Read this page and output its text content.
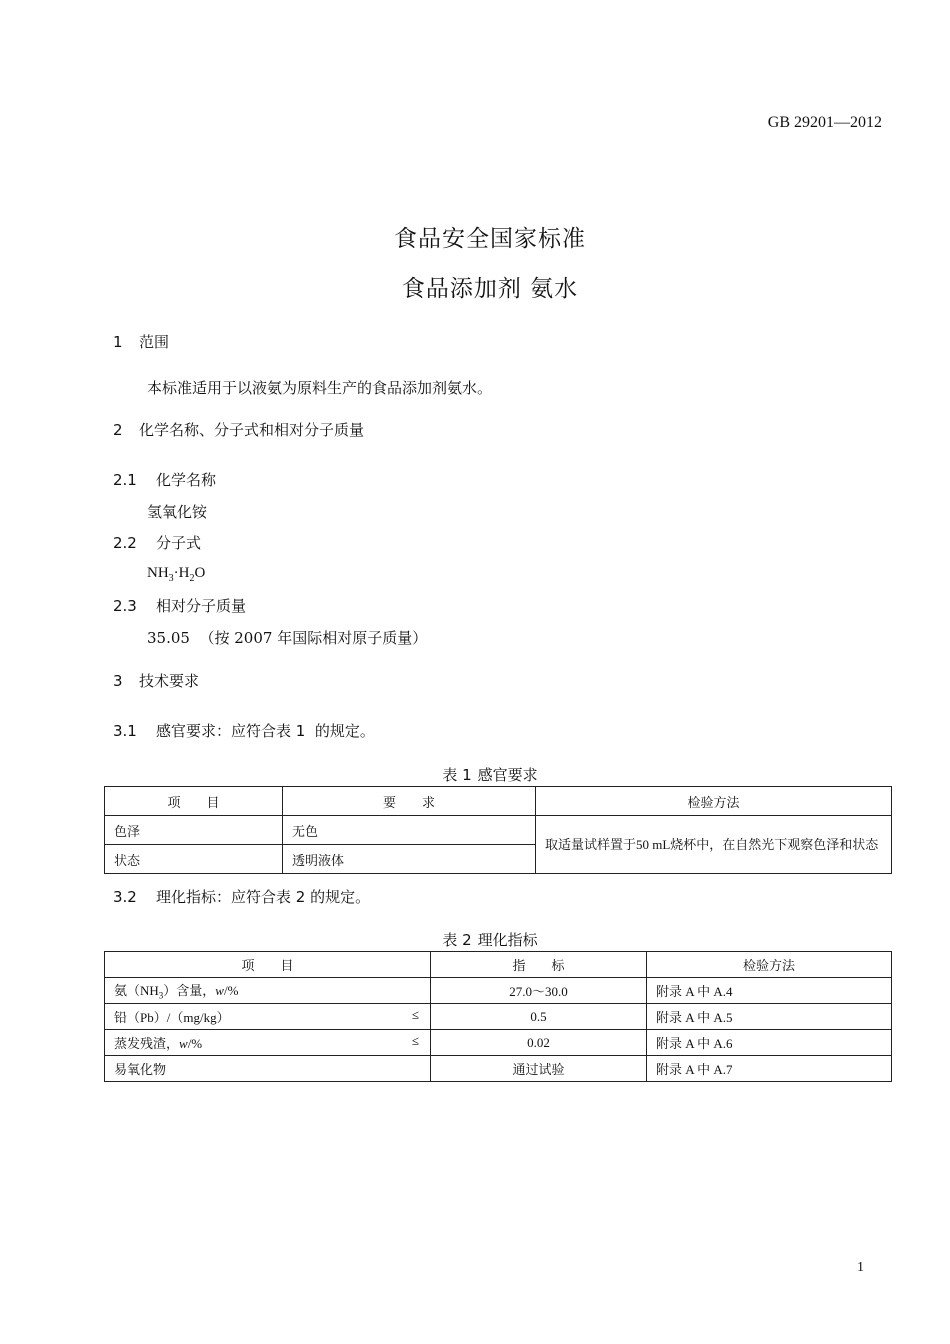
GB 29201—2012
食品安全国家标准
食品添加剂 氨水
1 范围
本标准适用于以液氨为原料生产的食品添加剂氨水。
2 化学名称、分子式和相对分子质量
2.1 化学名称
氢氧化铵
2.2 分子式
$NH_3\cdot H_2O$
2.3 相对分子质量
35.05  （按 2007 年国际相对原子质量）
3 技术要求
3.1 感官要求：应符合表 1  的规定。
表 1 感官要求
项　　目	要　　求	检验方法
色泽	无色	取适量试样置于50 mL烧杯中，在自然光下观察色泽和状态
状态	透明液体	
3.2 理化指标：应符合表 2 的规定。
表 2 理化指标
项　　目	指　　标	检验方法
氨$(NH_3)$含量，w/%	27.0～30.0	附录 A 中 A.4
铅（Pb）/（mg/kg） ≤	0.5	附录 A 中 A.5
蒸发残渣，w/% ≤	0.02	附录 A 中 A.6
易氧化物	通过试验	附录 A 中 A.7
1
